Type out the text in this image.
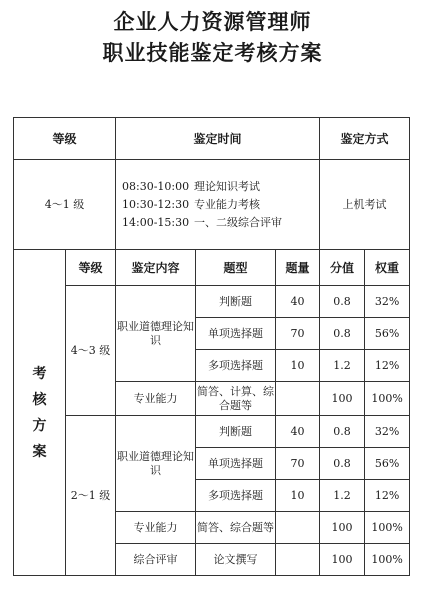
企业人力资源管理师
职业技能鉴定考核方案
等级		鉴定时间			鉴定方式	
4～1 级		08:30-10:00 理论知识考试
10:30-12:30 专业能力考核
14:00-15:30 一、二级综合评审			上机考试	

考
核
方
案	等级	鉴定内容	题型	题量	分值	权重
	4～3 级	职业道德理论知识	判断题	40	0.8	32%
			单项选择题	70	0.8	56%
			多项选择题	10	1.2	12%
		专业能力	简答、计算、综合题等		100	100%
	2～1 级	职业道德理论知识	判断题	40	0.8	32%
			单项选择题	70	0.8	56%
			多项选择题	10	1.2	12%
		专业能力	简答、综合题等		100	100%
		综合评审	论文撰写		100	100%
